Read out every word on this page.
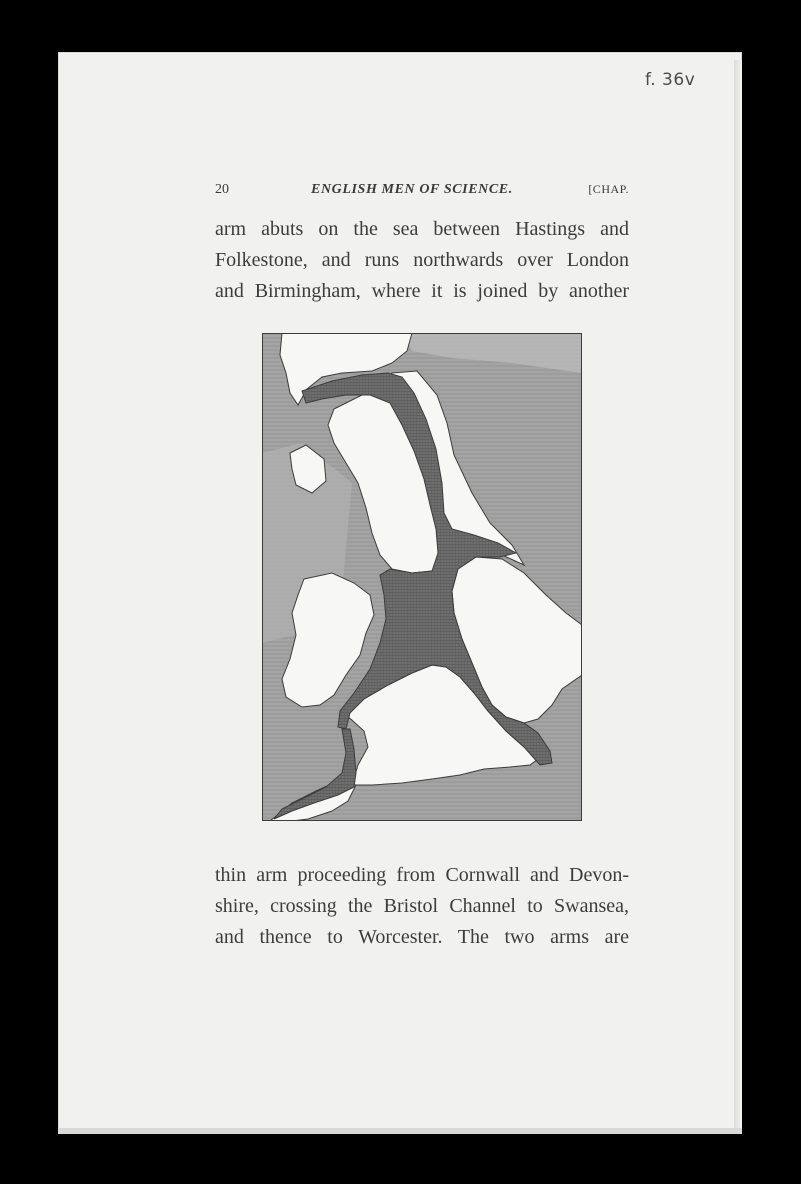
f. 36v
20	ENGLISH MEN OF SCIENCE.	[CHAP.
arm abuts on the sea between Hastings and
Folkestone, and runs northwards over London
and Birmingham, where it is joined by another
thin arm proceeding from Cornwall and Devon-
shire, crossing the Bristol Channel to Swansea,
and thence to Worcester. The two arms are
